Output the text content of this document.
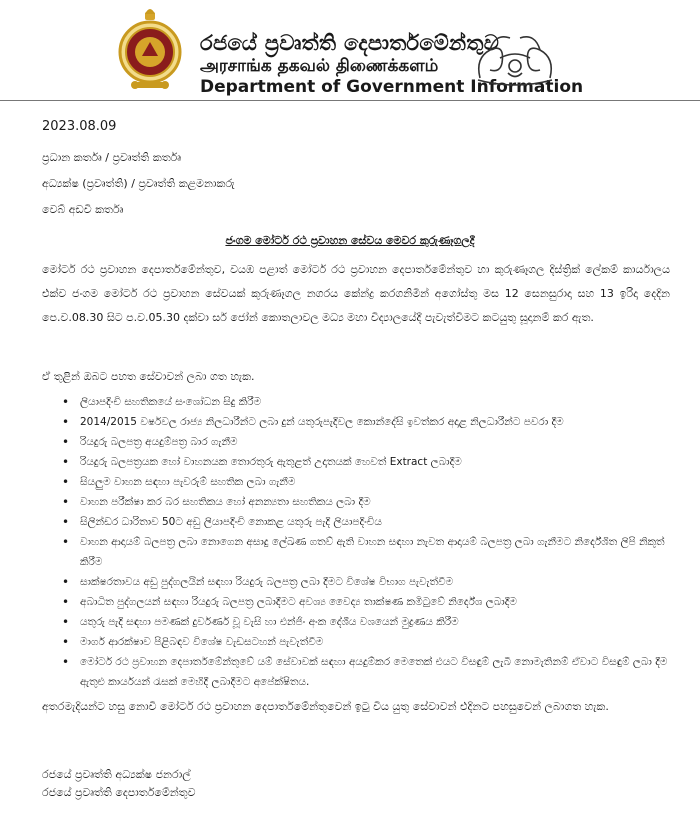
රජයේ ප්‍රවෘත්ති දෙපාර්තමේන්තුව
அரசாங்க தகவல் திணைக்களம்
Department of Government Information
2023.08.09
ප්‍රධාන කර්තෘ / ප්‍රවෘත්ති කර්තෘ
අධ්‍යක්ෂ (ප්‍රවෘත්ති) / ප්‍රවෘත්ති කළමනාකරු
වෙබ් අඩවි කර්තෘ
ජංගම මෝටර් රථ ප්‍රවාහන සේවය මෙවර කුරුණෑගලදී
මෝටර් රථ ප්‍රවාහන දෙපාර්තමේන්තුව, වයඹ පළාත් මෝටර් රථ ප්‍රවාහන දෙපාර්තමේන්තුව හා කුරුණෑගල දිස්ත්‍රික් ලේකම් කාර්යාලය එක්ව ජංගම මෝටර් රථ ප්‍රවාහන සේවයක් කුරුණෑගල නගරය කේන්ද්‍ර කරගනිමින් අගෝස්තු මස 12 සෙනසුරාදා සහ 13 ඉරිදා දෙදින පෙ.ව.08.30 සිට ප.ව.05.30 දක්වා සර් ජෝන් කොතලාවල මධ්‍ය මහා විද්‍යාලයේදී පැවැත්වීමට කටයුතු සූදානම් කර ඇත.
ඒ තුළින් ඔබට පහත සේවාවන් ලබා ගත හැක.
• ලියාපදිංචි සහතිකයේ සංශෝධන සිදු කිරීම
• 2014/2015 වර්ෂවල රාජ්‍ය නිලධාරීන්ට ලබා දුන් යතුරුපැදිවල කොන්දේසි ඉවත්කර අදාළ නිලධාරීන්ට පවරා දීම
• රියදුරු බලපත්‍ර අයදුම්පත්‍ර බාර ගැනීම
• රියදුරු බලපත්‍රයක හෝ වාහනයක තොරතුරු ඇතුළත් උදෘතයක් හෙවත් Extract ලබාදීම
• සියලුම වාහන සඳහා පැවරුම් සහතික ලබා ගැනීම
• වාහන පරීක්ෂා කර බර සහතිකය හෝ අනන්‍යතා සහතිකය ලබා දීම
• සිලින්ඩර ධාරිතාව 50ට අඩු ලියාපදිංචි නොකළ යතුරු පැදි ලියාපදිංචිය
• වාහන ආදායම් බලපත්‍ර ලබා නොගෙන අසාදු ලේඛණ ගතව් ඇති වාහන සඳහා නැවත ආදායම් බලපත්‍ර ලබා ගැනීමට නිර්දේශිත ලිපි නිකුත් කිරීම
• සාක්ෂරතාවය අඩු පුද්ගලයින් සඳහා රියදුරු බලපත්‍ර ලබා දීමට විශේෂ විභාග පැවැත්වීම
• අබාධිත පුද්ගලයන් සඳහා රියදුරු බලපත්‍ර ලබාදීමට අවශ්‍ය වෛද්‍ය තාක්ෂණ කමිටුවේ නිර්දේශ ලබාදීම
• යතුරු පැදි සඳහා පමණක් දුර්වර්ණ වූ වැසි හා එන්ජිං අංක දේශීය වශයෙන් මුද්‍රණය කිරීම
• මාර්ග ආරක්ෂාව පිළිබඳව විශේෂ වැඩසටහන් පැවැත්වීම
• මෝටර් රථ ප්‍රවාහන දෙපාර්තමේන්තුවේ යම් සේවාවක් සඳහා අයදුම්කර මෙතෙක් එයට විසඳුම් ලැබී නොමැතිනම් ඒවාට විසඳුම් ලබා දීම ඇතුළු කාර්යයන් රැසක් මෙහිදී ලබාදීමට අපේක්ෂිතය.
අතරමැදියන්ට හසු නොවී මෝටර් රථ ප්‍රවාහන දෙපාර්තමේන්තුවෙන් ඉටු විය යුතු සේවාවන් එදිනට පහසුවෙන් ලබාගත හැක.
රජයේ ප්‍රවෘත්ති අධ්‍යක්ෂ ජනරාල්
රජයේ ප්‍රවෘත්ති දෙපාර්තමේන්තුව
